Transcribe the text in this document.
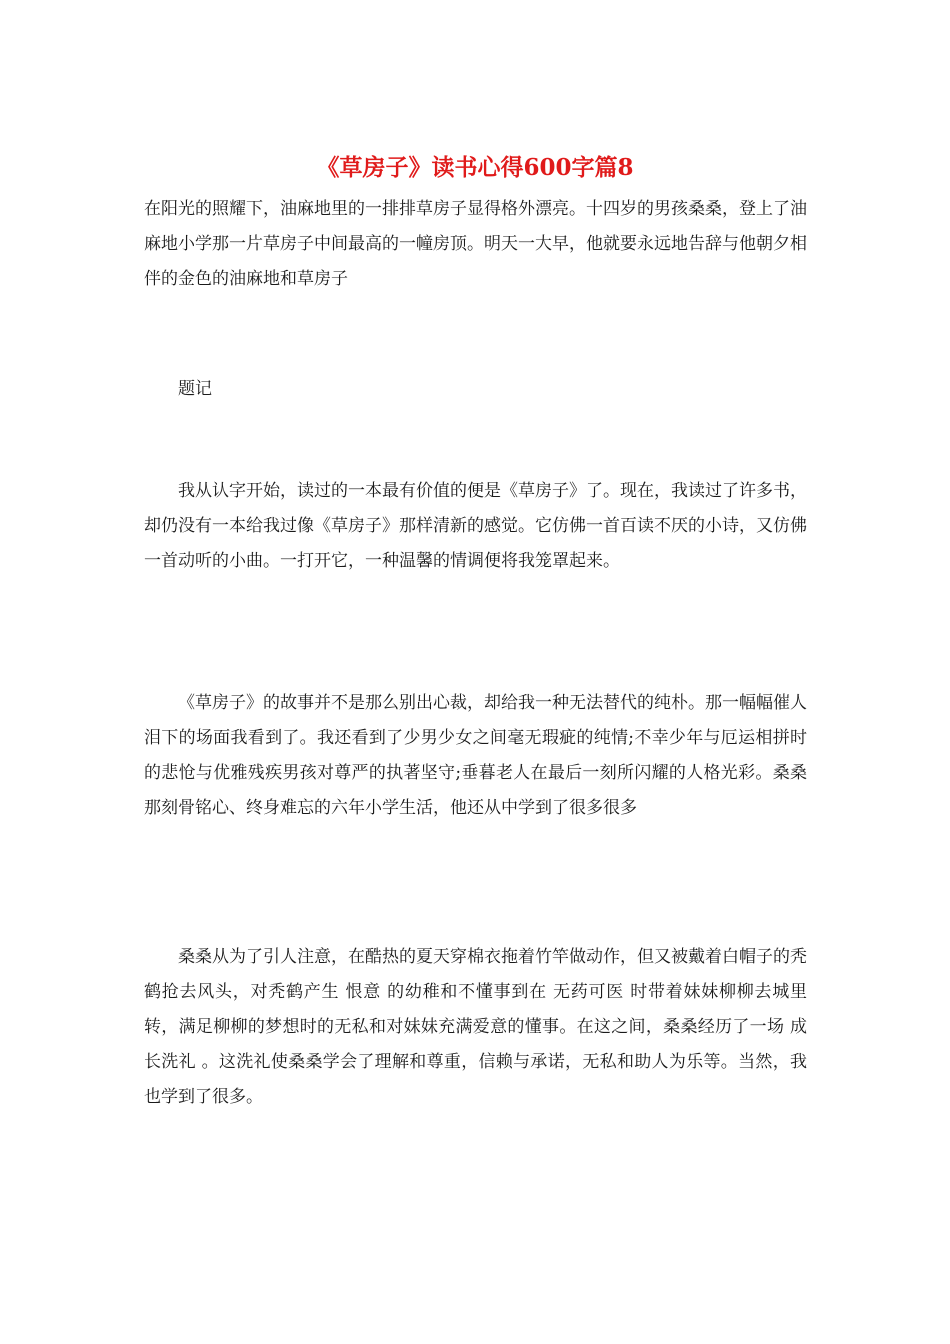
《草房子》读书心得600字篇8

在阳光的照耀下，油麻地里的一排排草房子显得格外漂亮。十四岁的男孩桑桑，登上了油麻地小学那一片草房子中间最高的一幢房顶。明天一大早，他就要永远地告辞与他朝夕相伴的金色的油麻地和草房子

题记

我从认字开始，读过的一本最有价值的便是《草房子》了。现在，我读过了许多书，却仍没有一本给我过像《草房子》那样清新的感觉。它仿佛一首百读不厌的小诗，又仿佛一首动听的小曲。一打开它，一种温馨的情调便将我笼罩起来。

《草房子》的故事并不是那么别出心裁，却给我一种无法替代的纯朴。那一幅幅催人泪下的场面我看到了。我还看到了少男少女之间毫无瑕疵的纯情;不幸少年与厄运相拼时的悲怆与优雅残疾男孩对尊严的执著坚守;垂暮老人在最后一刻所闪耀的人格光彩。桑桑那刻骨铭心、终身难忘的六年小学生活，他还从中学到了很多很多

桑桑从为了引人注意，在酷热的夏天穿棉衣拖着竹竿做动作，但又被戴着白帽子的秃鹤抢去风头，对秃鹤产生 恨意 的幼稚和不懂事到在 无药可医 时带着妹妹柳柳去城里转，满足柳柳的梦想时的无私和对妹妹充满爱意的懂事。在这之间，桑桑经历了一场 成长洗礼 。这洗礼使桑桑学会了理解和尊重，信赖与承诺，无私和助人为乐等。当然，我也学到了很多。
